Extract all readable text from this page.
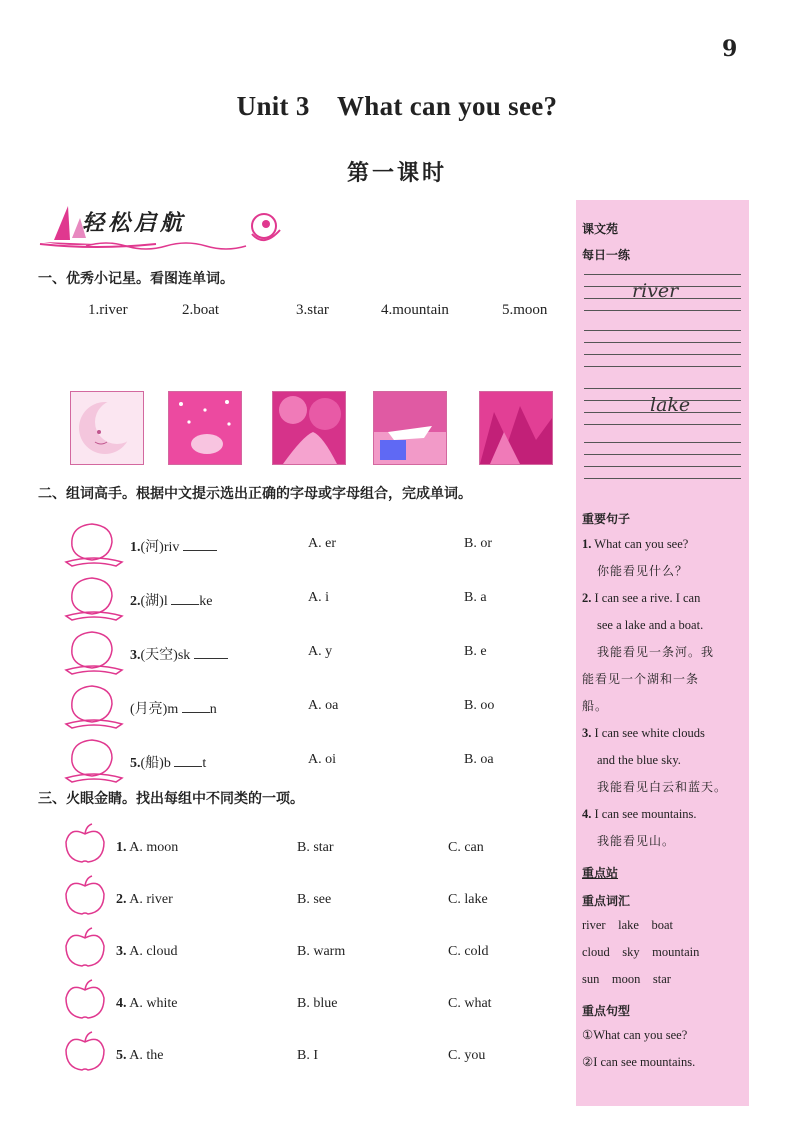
9
Unit 3　What can you see?
第一课时
轻松启航
一、优秀小记星。看图连单词。
1.river	2.boat	3.star	4.mountain	5.moon
二、组词高手。根据中文提示选出正确的字母或字母组合，完成单词。
1.(河)riv	A. er	B. or
2.(湖)l ke	A. i	B. a
3.(天空)sk	A. y	B. e
(月亮)m n	A. oa	B. oo
5.(船)b t	A. oi	B. oa
三、火眼金睛。找出每组中不同类的一项。
1. A. moon	B. star	C. can
2. A. river	B. see	C. lake
3. A. cloud	B. warm	C. cold
4. A. white	B. blue	C. what
5. A. the	B. I	C. you
课文苑
每日一练
river
lake
重要句子
1. What can you see?
你能看见什么？
2. I can see a rive. I can
see a lake and a boat.
我能看见一条河。我
能看见一个湖和一条
船。
3. I can see white clouds
and the blue sky.
我能看见白云和蓝天。
4. I can see mountains.
我能看见山。
重点站
重点词汇
river lake boat
cloud sky mountain
sun moon star
重点句型
①What can you see?
②I can see mountains.
